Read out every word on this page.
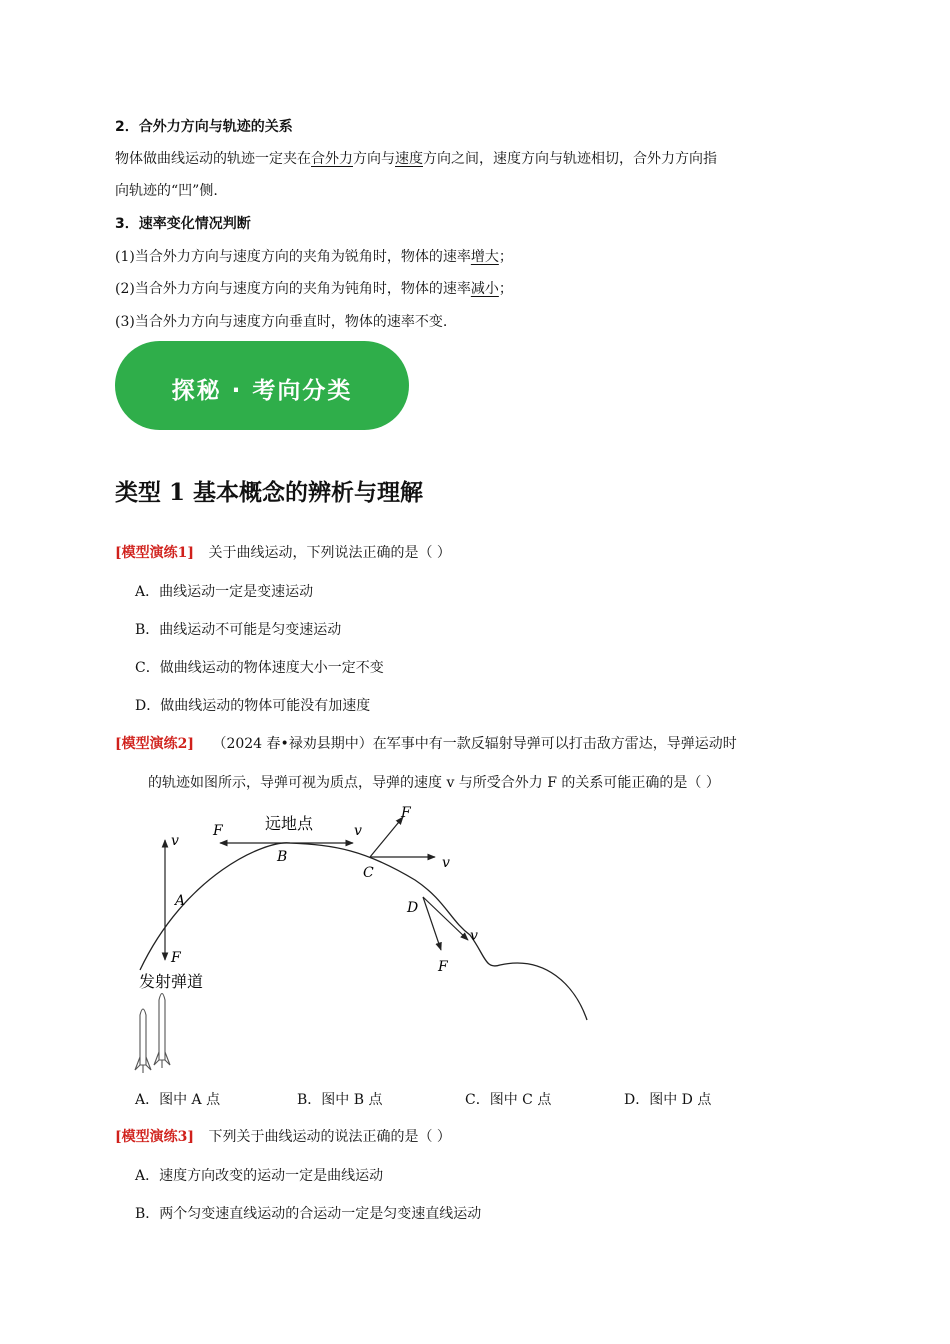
2．合外力方向与轨迹的关系
物体做曲线运动的轨迹一定夹在合外力方向与速度方向之间，速度方向与轨迹相切，合外力方向指
向轨迹的“凹”侧.
3．速率变化情况判断
(1)当合外力方向与速度方向的夹角为锐角时，物体的速率增大；
(2)当合外力方向与速度方向的夹角为钝角时，物体的速率减小；
(3)当合外力方向与速度方向垂直时，物体的速率不变.
探秘 · 考向分类
类型 1 基本概念的辨析与理解
[模型演练1] 关于曲线运动，下列说法正确的是（ ）
A．曲线运动一定是变速运动
B．曲线运动不可能是匀变速运动
C．做曲线运动的物体速度大小一定不变
D．做曲线运动的物体可能没有加速度
[模型演练2] （2024 春•禄劝县期中）在军事中有一款反辐射导弹可以打击敌方雷达，导弹运动时
的轨迹如图所示，导弹可视为质点，导弹的速度 v 与所受合外力 F 的关系可能正确的是（ ）
v
F
A
F	远地点	v
B
F
v
C
D
v
F
发射弹道
A．图中 A 点	B．图中 B 点	C．图中 C 点	D．图中 D 点
[模型演练3] 下列关于曲线运动的说法正确的是（ ）
A．速度方向改变的运动一定是曲线运动
B．两个匀变速直线运动的合运动一定是匀变速直线运动
